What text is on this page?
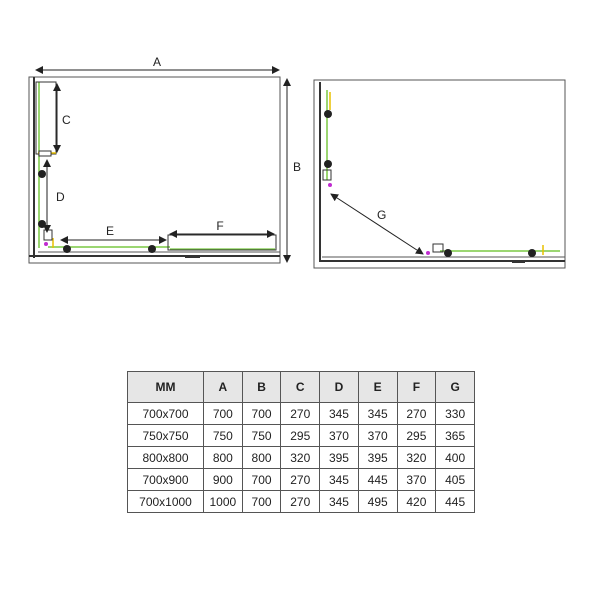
A
B
C
D
E	F
G
MM	A	B	C	D	E	F	G
700x700	700	700	270	345	345	270	330
750x750	750	750	295	370	370	295	365
800x800	800	800	320	395	395	320	400
700x900	900	700	270	345	445	370	405
700x1000	1000	700	270	345	495	420	445
